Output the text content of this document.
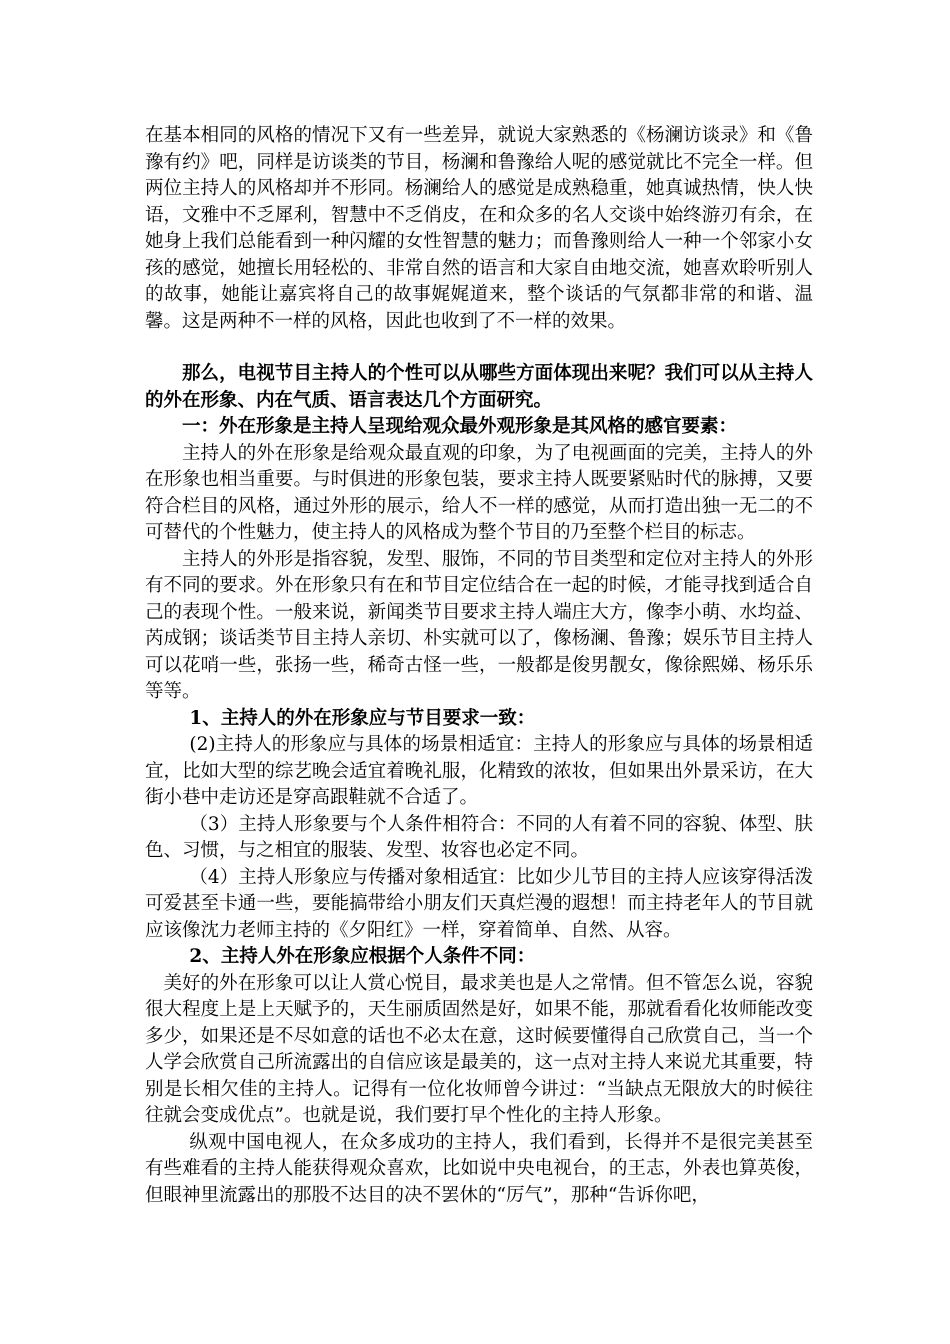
在基本相同的风格的情况下又有一些差异，就说大家熟悉的《杨澜访谈录》和《鲁豫有约》吧，同样是访谈类的节目，杨澜和鲁豫给人呢的感觉就比不完全一样。但两位主持人的风格却并不形同。杨澜给人的感觉是成熟稳重，她真诚热情，快人快语，文雅中不乏犀利，智慧中不乏俏皮，在和众多的名人交谈中始终游刃有余，在她身上我们总能看到一种闪耀的女性智慧的魅力；而鲁豫则给人一种一个邻家小女孩的感觉，她擅长用轻松的、非常自然的语言和大家自由地交流，她喜欢聆听别人的故事，她能让嘉宾将自己的故事娓娓道来，整个谈话的气氛都非常的和谐、温馨。这是两种不一样的风格，因此也收到了不一样的效果。

那么，电视节目主持人的个性可以从哪些方面体现出来呢？我们可以从主持人的外在形象、内在气质、语言表达几个方面研究。

一：外在形象是主持人呈现给观众最外观形象是其风格的感官要素：

主持人的外在形象是给观众最直观的印象，为了电视画面的完美，主持人的外在形象也相当重要。与时俱进的形象包装，要求主持人既要紧贴时代的脉搏，又要符合栏目的风格，通过外形的展示，给人不一样的感觉，从而打造出独一无二的不可替代的个性魅力，使主持人的风格成为整个节目的乃至整个栏目的标志。

主持人的外形是指容貌，发型、服饰，不同的节目类型和定位对主持人的外形有不同的要求。外在形象只有在和节目定位结合在一起的时候，才能寻找到适合自己的表现个性。一般来说，新闻类节目要求主持人端庄大方，像李小萌、水均益、芮成钢；谈话类节目主持人亲切、朴实就可以了，像杨澜、鲁豫；娱乐节目主持人可以花哨一些，张扬一些，稀奇古怪一些，一般都是俊男靓女，像徐熙娣、杨乐乐等等。

1、主持人的外在形象应与节目要求一致：

(2)主持人的形象应与具体的场景相适宜：主持人的形象应与具体的场景相适宜，比如大型的综艺晚会适宜着晚礼服，化精致的浓妆，但如果出外景采访，在大街小巷中走访还是穿高跟鞋就不合适了。

（3）主持人形象要与个人条件相符合：不同的人有着不同的容貌、体型、肤色、习惯，与之相宜的服装、发型、妆容也必定不同。

（4）主持人形象应与传播对象相适宜：比如少儿节目的主持人应该穿得活泼可爱甚至卡通一些，要能搞带给小朋友们天真烂漫的遐想！而主持老年人的节目就应该像沈力老师主持的《夕阳红》一样，穿着简单、自然、从容。

2、主持人外在形象应根据个人条件不同：

美好的外在形象可以让人赏心悦目，最求美也是人之常情。但不管怎么说，容貌很大程度上是上天赋予的，天生丽质固然是好，如果不能，那就看看化妆师能改变多少，如果还是不尽如意的话也不必太在意，这时候要懂得自己欣赏自己，当一个人学会欣赏自己所流露出的自信应该是最美的，这一点对主持人来说尤其重要，特别是长相欠佳的主持人。记得有一位化妆师曾今讲过：“当缺点无限放大的时候往往就会变成优点”。也就是说，我们要打早个性化的主持人形象。

纵观中国电视人，在众多成功的主持人，我们看到，长得并不是很完美甚至有些难看的主持人能获得观众喜欢，比如说中央电视台，的王志，外表也算英俊，但眼神里流露出的那股不达目的决不罢休的“厉气”，那种“告诉你吧，
